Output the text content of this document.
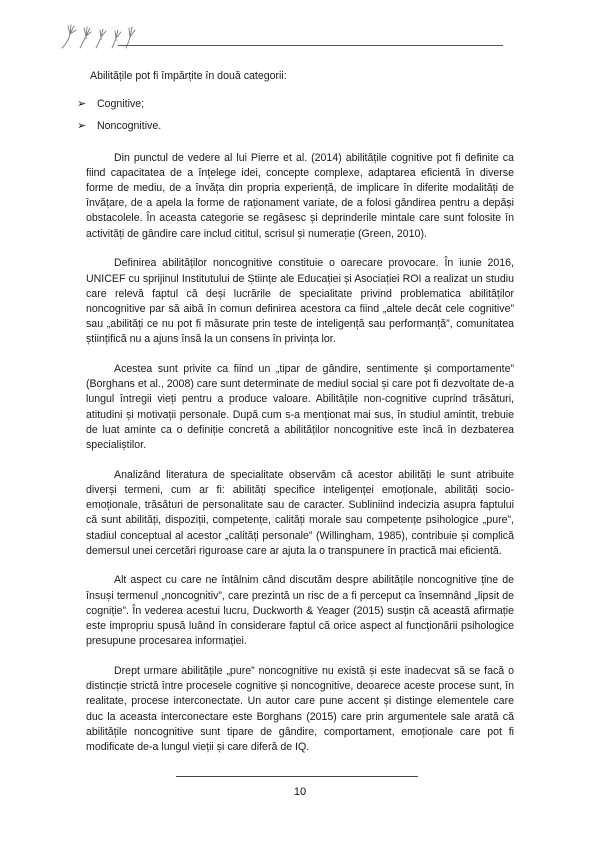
Abilitățile pot fi împărțite în două categorii:

➢	Cognitive;
➢	Noncognitive.

Din punctul de vedere al lui Pierre et al. (2014) abilitățile cognitive pot fi definite ca fiind capacitatea de a înțelege idei, concepte complexe, adaptarea eficientă în diverse forme de mediu, de a învăța din propria experiență, de implicare în diferite modalități de învățare, de a apela la forme de raționament variate, de a folosi gândirea pentru a depăși obstacolele. În aceasta categorie se regăsesc și deprinderile mintale care sunt folosite în activități de gândire care includ cititul, scrisul și numerație (Green, 2010).

Definirea abilităților noncognitive constituie o oarecare provocare. În iunie 2016, UNICEF cu sprijinul Institutului de Științe ale Educației și Asociației ROI a realizat un studiu care relevă faptul că deși lucrările de specialitate privind problematica abilităților noncognitive par să aibă în comun definirea acestora ca fiind „altele decât cele cognitive” sau „abilități ce nu pot fi măsurate prin teste de inteligență sau performanță”, comunitatea științifică nu a ajuns însă la un consens în privința lor.

Acestea sunt privite ca fiind un „tipar de gândire, sentimente și comportamente” (Borghans et al., 2008) care sunt determinate de mediul social și care pot fi dezvoltate de-a lungul întregii vieți pentru a produce valoare. Abilitățile non-cognitive cuprind trăsături, atitudini și motivații personale. După cum s-a menționat mai sus, în studiul amintit, trebuie de luat aminte ca o definiție concretă a abilităților noncognitive este încă în dezbaterea specialiștilor.

Analizând literatura de specialitate observăm că acestor abilități le sunt atribuite diverși termeni, cum ar fi: abilități specifice inteligenței emoționale, abilități socio-emoționale, trăsături de personalitate sau de caracter. Subliniind indecizia asupra faptului că sunt abilități, dispoziții, competențe, calități morale sau competențe psihologice „pure”, stadiul conceptual al acestor „calități personale” (Willingham, 1985), contribuie și complică demersul unei cercetări riguroase care ar ajuta la o transpunere în practică mai eficientă.

Alt aspect cu care ne întâlnim când discutăm despre abilitățile noncognitive ține de însuși termenul „noncognitiv”, care prezintă un risc de a fi perceput ca însemnând „lipsit de cogniție”. În vederea acestui lucru, Duckworth & Yeager (2015) susțin că această afirmație este impropriu spusă luând în considerare faptul că orice aspect al funcționării psihologice presupune procesarea informației.

Drept urmare abilitățile „pure” noncognitive nu există și este inadecvat să se facă o distincție strictă între procesele cognitive și noncognitive, deoarece aceste procese sunt, în realitate, procese interconectate. Un autor care pune accent și distinge elementele care duc la aceasta interconectare este Borghans (2015) care prin argumentele sale arată că abilitățile noncognitive sunt tipare de gândire, comportament, emoționale care pot fi modificate de-a lungul vieții și care diferă de IQ.

10
